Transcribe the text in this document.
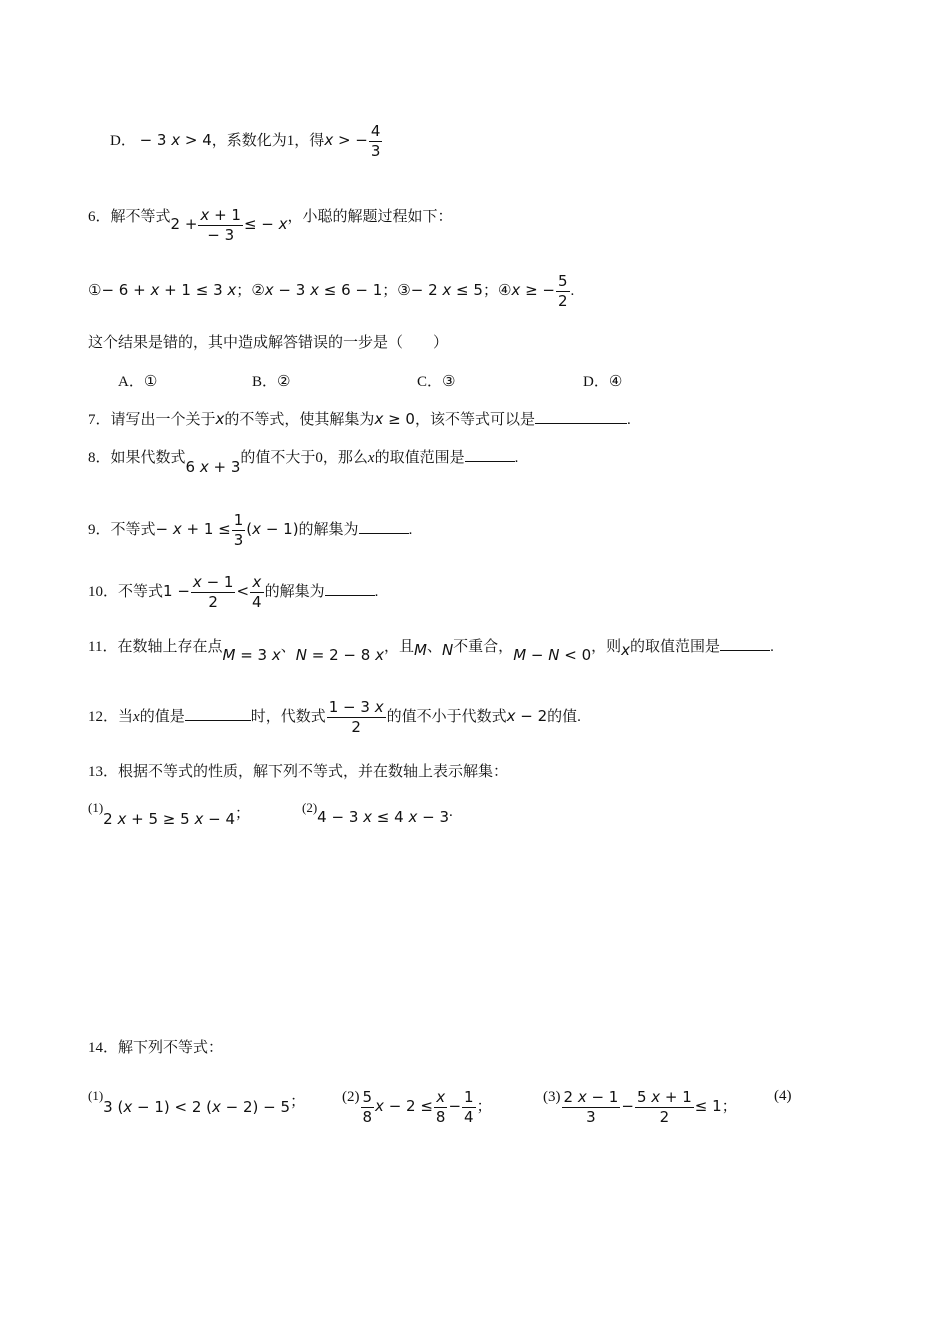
D． − 3 x > 4，系数化为1，得x > − $\frac{4}{3}$
6．解不等式$2 + \frac{x + 1}{- 3}$ ≤ − x，小聪的解题过程如下：
①− 6 + x + 1 ≤ 3 x；②x − 3 x ≤ 6 − 1；③− 2 x ≤ 5；④x ≥ − $\frac{5}{2}$ .
这个结果是错的，其中造成解答错误的一步是（　　）
A．①	B．②	C．③	D．④
7．请写出一个关于x的不等式，使其解集为x ≥ 0，该不等式可以是	.
8．如果代数式6 x + 3的值不大于0，那么x的取值范围是	.
9．不等式− $x + 1 \le \frac{1}{3} (x - 1)$的解集为	.
10．不等式$1 - \frac{x - 1}{2} < \frac{x}{4}$ 的解集为	.
11．在数轴上存在点M = 3 x、N = 2 − 8 x，且M、N不重合，M − N < 0，则x的取值范围是	.
12．当x的值是	时，代数式 $\frac{1 - 3 x}{2}$ 的值不小于代数式x − 2的值.
13．根据不等式的性质，解下列不等式，并在数轴上表示解集：
$^{(1)}$2 x + 5 ≥ 5 x − 4；	$^{(2)}$4 − 3 x ≤ 4 x − 3.
14．解下列不等式：
$^{(1)}$3 (x − 1) < 2 (x − 2) − 5； $(2) \frac{5}{8}$ $x - 2 \le \frac{x}{8} - \frac{1}{4}$ ；
$(3) \frac{2 x - 1}{3} - \frac{5 x + 1}{2} \le 1$；
(4)
